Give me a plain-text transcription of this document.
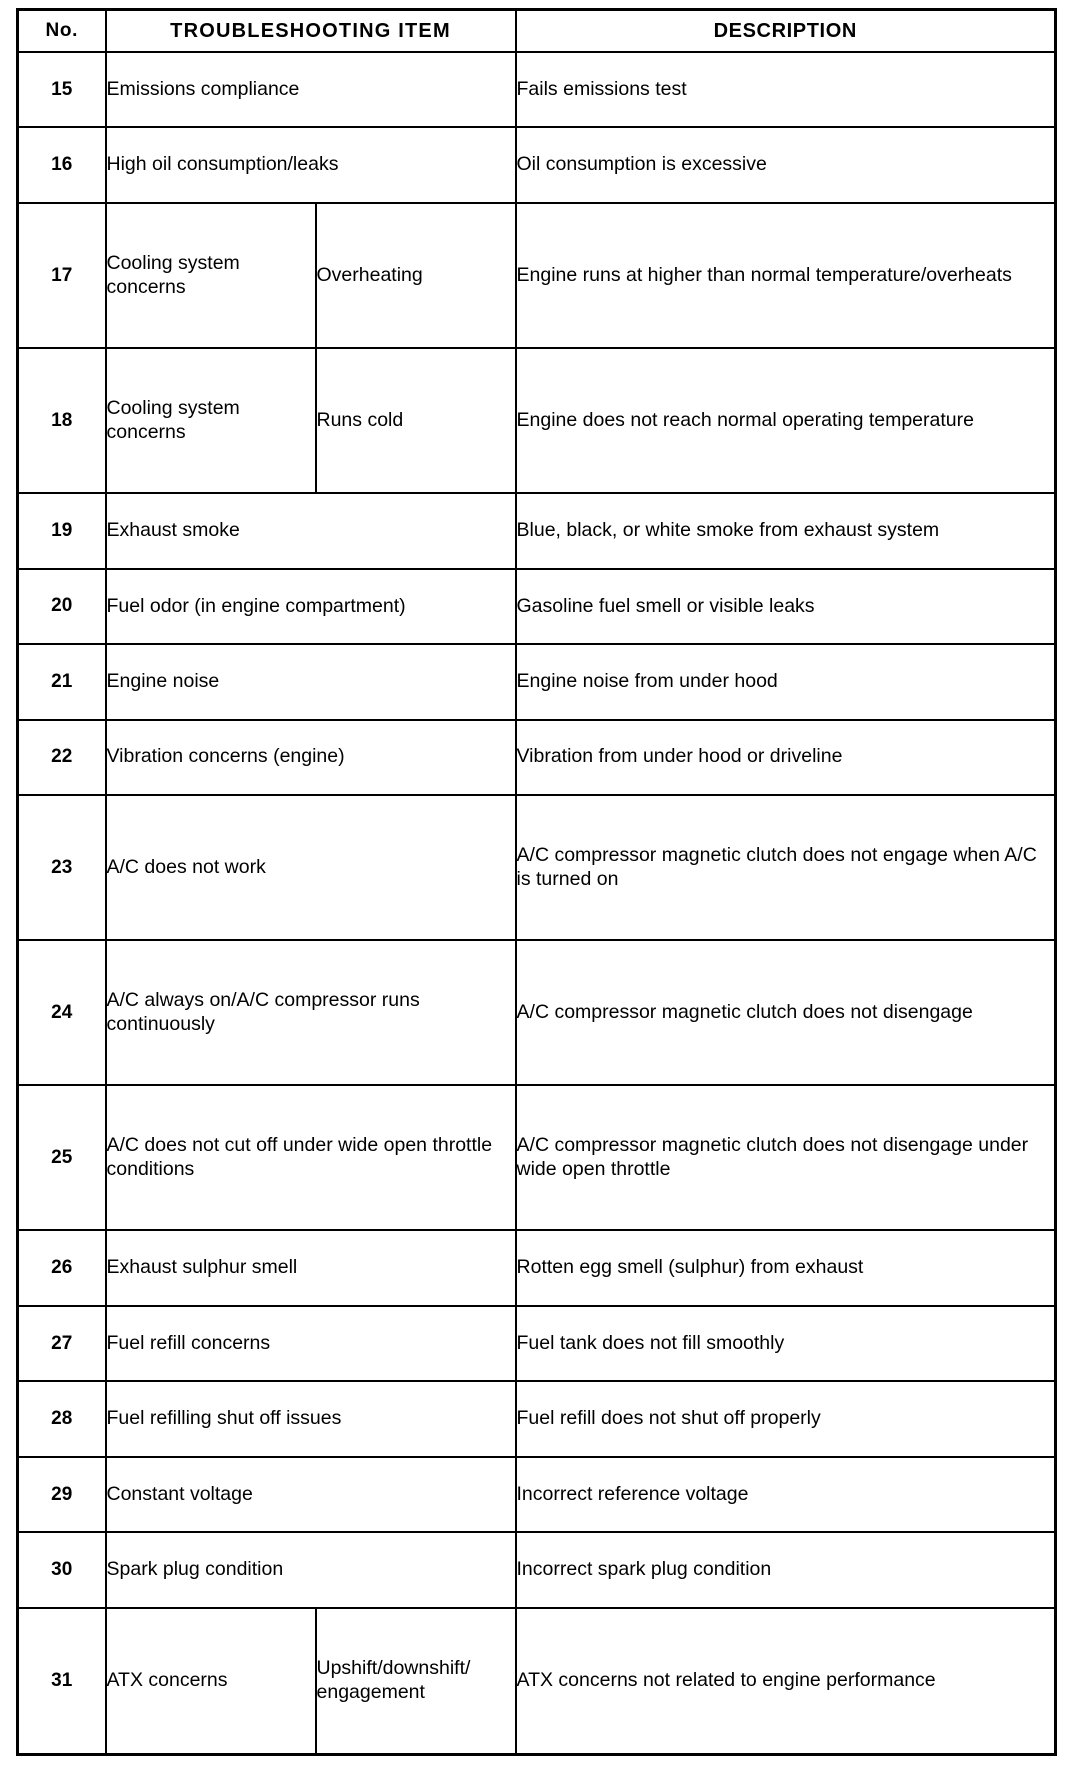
No.	TROUBLESHOOTING ITEM		DESCRIPTION
15	Emissions compliance		Fails emissions test
16	High oil consumption/leaks		Oil consumption is excessive
17	Cooling system concerns	Overheating	Engine runs at higher than normal temperature/overheats
18	Cooling system concerns	Runs cold	Engine does not reach normal operating temperature
19	Exhaust smoke		Blue, black, or white smoke from exhaust system
20	Fuel odor (in engine compartment)		Gasoline fuel smell or visible leaks
21	Engine noise		Engine noise from under hood
22	Vibration concerns (engine)		Vibration from under hood or driveline
23	A/C does not work		A/C compressor magnetic clutch does not engage when A/C is turned on
24	A/C always on/A/C compressor runs continuously		A/C compressor magnetic clutch does not disengage
25	A/C does not cut off under wide open throttle conditions		A/C compressor magnetic clutch does not disengage under wide open throttle
26	Exhaust sulphur smell		Rotten egg smell (sulphur) from exhaust
27	Fuel refill concerns		Fuel tank does not fill smoothly
28	Fuel refilling shut off issues		Fuel refill does not shut off properly
29	Constant voltage		Incorrect reference voltage
30	Spark plug condition		Incorrect spark plug condition
31	ATX concerns	Upshift/downshift/ engagement	ATX concerns not related to engine performance
